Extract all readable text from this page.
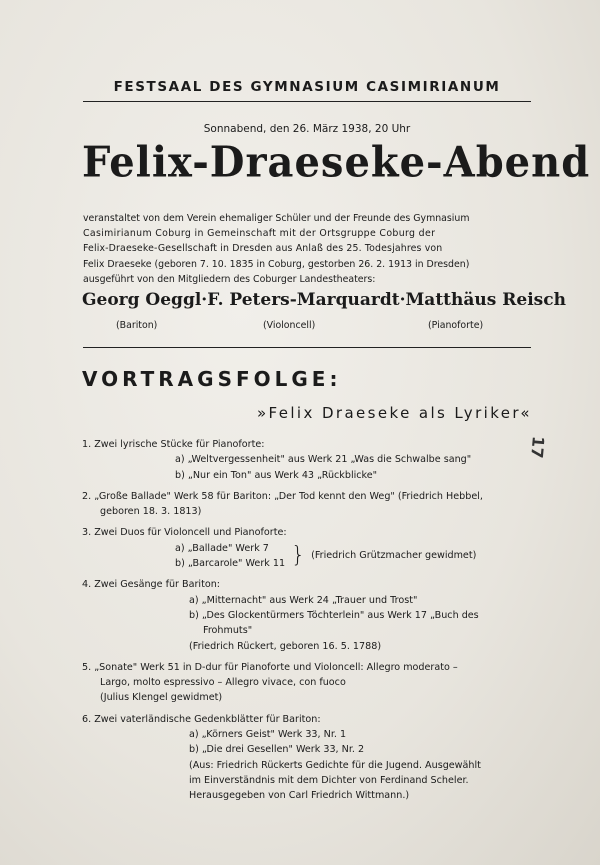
FESTSAAL DES GYMNASIUM CASIMIRIANUM
Sonnabend, den 26. März 1938, 20 Uhr
Felix-Draeseke-Abend
veranstaltet von dem Verein ehemaliger Schüler und der Freunde des Gymnasium
Casimirianum Coburg in Gemeinschaft mit der Ortsgruppe Coburg der
Felix-Draeseke-Gesellschaft in Dresden aus Anlaß des 25. Todesjahres von
Felix Draeseke (geboren 7. 10. 1835 in Coburg, gestorben 26. 2. 1913 in Dresden)
ausgeführt von den Mitgliedern des Coburger Landestheaters:
Georg Oeggl · F. Peters-Marquardt · Matthäus Reisch
(Bariton)	(Violoncell)	(Pianoforte)
VORTRAGSFOLGE:
»Felix Draeseke als Lyriker«
1. Zwei lyrische Stücke für Pianoforte:
a) „Weltvergessenheit" aus Werk 21 „Was die Schwalbe sang"
b) „Nur ein Ton" aus Werk 43 „Rückblicke"
2. „Große Ballade" Werk 58 für Bariton: „Der Tod kennt den Weg" (Friedrich Hebbel,
geboren 18. 3. 1813)
3. Zwei Duos für Violoncell und Pianoforte:
a) „Ballade" Werk 7
b) „Barcarole" Werk 11 } (Friedrich Grützmacher gewidmet)
4. Zwei Gesänge für Bariton:
a) „Mitternacht" aus Werk 24 „Trauer und Trost"
b) „Des Glockentürmers Töchterlein" aus Werk 17 „Buch des
Frohmuts"
(Friedrich Rückert, geboren 16. 5. 1788)
5. „Sonate" Werk 51 in D-dur für Pianoforte und Violoncell: Allegro moderato –
Largo, molto espressivo – Allegro vivace, con fuoco
(Julius Klengel gewidmet)
6. Zwei vaterländische Gedenkblätter für Bariton:
a) „Körners Geist" Werk 33, Nr. 1
b) „Die drei Gesellen" Werk 33, Nr. 2
(Aus: Friedrich Rückerts Gedichte für die Jugend. Ausgewählt
im Einverständnis mit dem Dichter von Ferdinand Scheler.
Herausgegeben von Carl Friedrich Wittmann.)
17
